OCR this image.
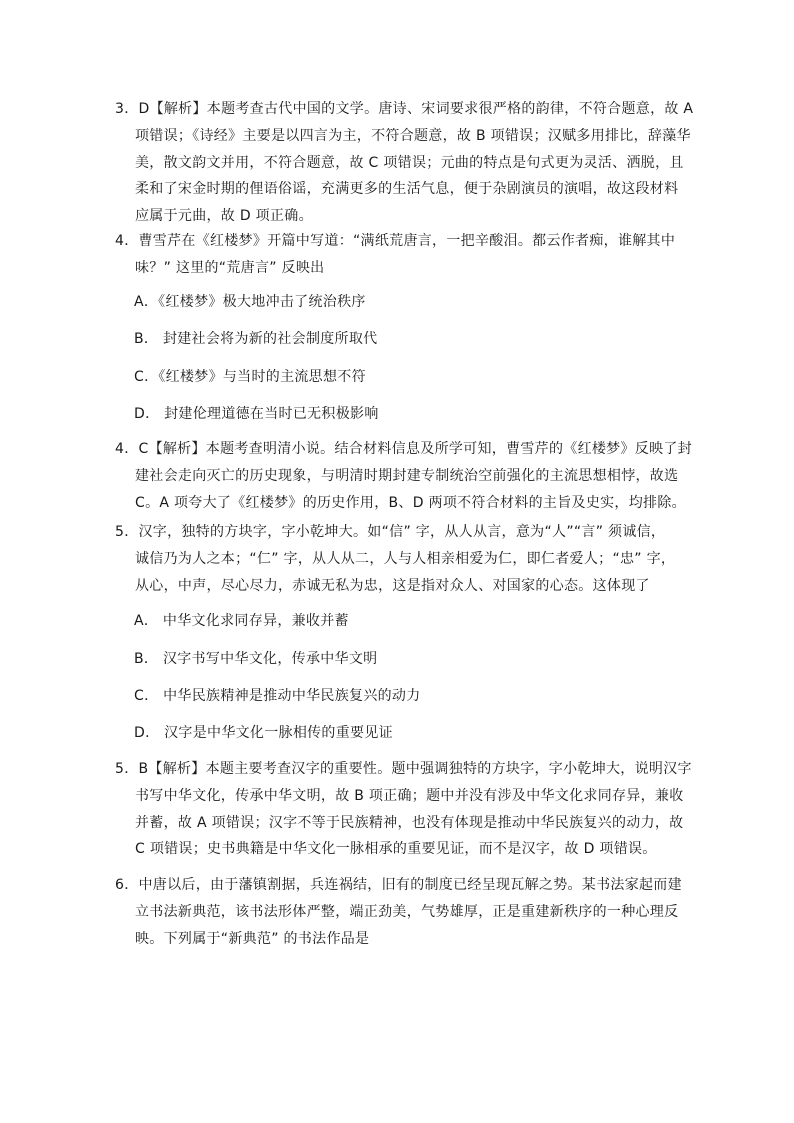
3．D【解析】本题考查古代中国的文学。唐诗、宋词要求很严格的韵律，不符合题意，故 A
项错误；《诗经》主要是以四言为主，不符合题意，故 B 项错误；汉赋多用排比，辞藻华
美，散文韵文并用，不符合题意，故 C 项错误；元曲的特点是句式更为灵活、洒脱，且
柔和了宋金时期的俚语俗谣，充满更多的生活气息，便于杂剧演员的演唱，故这段材料
应属于元曲，故 D 项正确。
4．曹雪芹在《红楼梦》开篇中写道：“满纸荒唐言，一把辛酸泪。都云作者痴，谁解其中
味？” 这里的“荒唐言” 反映出
A．《红楼梦》极大地冲击了统治秩序
B． 封建社会将为新的社会制度所取代
C．《红楼梦》与当时的主流思想不符
D． 封建伦理道德在当时已无积极影响
4．C【解析】本题考查明清小说。结合材料信息及所学可知，曹雪芹的《红楼梦》反映了封
建社会走向灭亡的历史现象，与明清时期封建专制统治空前强化的主流思想相悖，故选
C。A 项夸大了《红楼梦》的历史作用，B、D 两项不符合材料的主旨及史实，均排除。
5．汉字，独特的方块字，字小乾坤大。如“信” 字，从人从言，意为“人”“言” 须诚信，
诚信乃为人之本；“仁” 字，从人从二，人与人相亲相爱为仁，即仁者爱人；“忠” 字，
从心，中声，尽心尽力，赤诚无私为忠，这是指对众人、对国家的心态。这体现了
A． 中华文化求同存异，兼收并蓄
B． 汉字书写中华文化，传承中华文明
C． 中华民族精神是推动中华民族复兴的动力
D． 汉字是中华文化一脉相传的重要见证
5．B【解析】本题主要考查汉字的重要性。题中强调独特的方块字，字小乾坤大，说明汉字
书写中华文化，传承中华文明，故 B 项正确；题中并没有涉及中华文化求同存异，兼收
并蓄，故 A 项错误；汉字不等于民族精神，也没有体现是推动中华民族复兴的动力，故
C 项错误；史书典籍是中华文化一脉相承的重要见证，而不是汉字，故 D 项错误。
6．中唐以后，由于藩镇割据，兵连祸结，旧有的制度已经呈现瓦解之势。某书法家起而建
立书法新典范，该书法形体严整，端正劲美，气势雄厚，正是重建新秩序的一种心理反
映。下列属于“新典范” 的书法作品是
